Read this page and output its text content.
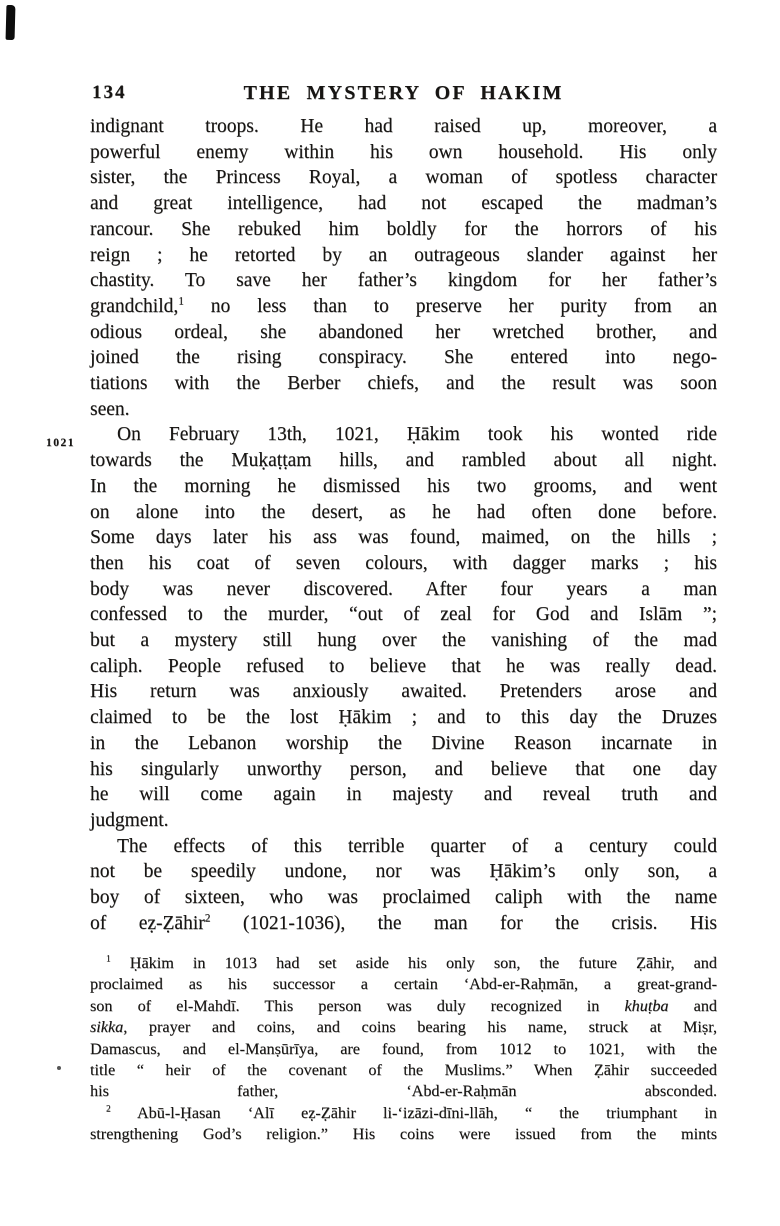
134	THE MYSTERY OF HAKIM
1021
indignant troops. He had raised up, moreover, a
powerful enemy within his own household. His only
sister, the Princess Royal, a woman of spotless character
and great intelligence, had not escaped the madman’s
rancour. She rebuked him boldly for the horrors of his
reign ; he retorted by an outrageous slander against her
chastity. To save her father’s kingdom for her father’s
grandchild,$^1$ no less than to preserve her purity from an
odious ordeal, she abandoned her wretched brother, and
joined the rising conspiracy. She entered into nego-
tiations with the Berber chiefs, and the result was soon
seen.
On February 13th, 1021, Ḥākim took his wonted ride
towards the Muḳaṭṭam hills, and rambled about all night.
In the morning he dismissed his two grooms, and went
on alone into the desert, as he had often done before.
Some days later his ass was found, maimed, on the hills ;
then his coat of seven colours, with dagger marks ; his
body was never discovered. After four years a man
confessed to the murder, “out of zeal for God and Islām ”;
but a mystery still hung over the vanishing of the mad
caliph. People refused to believe that he was really dead.
His return was anxiously awaited. Pretenders arose and
claimed to be the lost Ḥākim ; and to this day the Druzes
in the Lebanon worship the Divine Reason incarnate in
his singularly unworthy person, and believe that one day
he will come again in majesty and reveal truth and
judgment.
The effects of this terrible quarter of a century could
not be speedily undone, nor was Ḥākim’s only son, a
boy of sixteen, who was proclaimed caliph with the name
of eẓ-Ẓāhir$^2$ (1021-1036), the man for the crisis. His
$^1$ Ḥākim in 1013 had set aside his only son, the future Ẓāhir, and
proclaimed as his successor a certain ‘Abd-er-Raḥmān, a great-grand-
son of el-Mahdī. This person was duly recognized in khuṭba and
sikka, prayer and coins, and coins bearing his name, struck at Miṣr,
Damascus, and el-Manṣūrīya, are found, from 1012 to 1021, with the
title “ heir of the covenant of the Muslims.” When Ẓāhir succeeded
his father, ‘Abd-er-Raḥmān absconded.
$^2$ Abū-l-Ḥasan ‘Alī eẓ-Ẓāhir li-‘izāzi-dīni-llāh, “ the triumphant in
strengthening God’s religion.” His coins were issued from the mints
